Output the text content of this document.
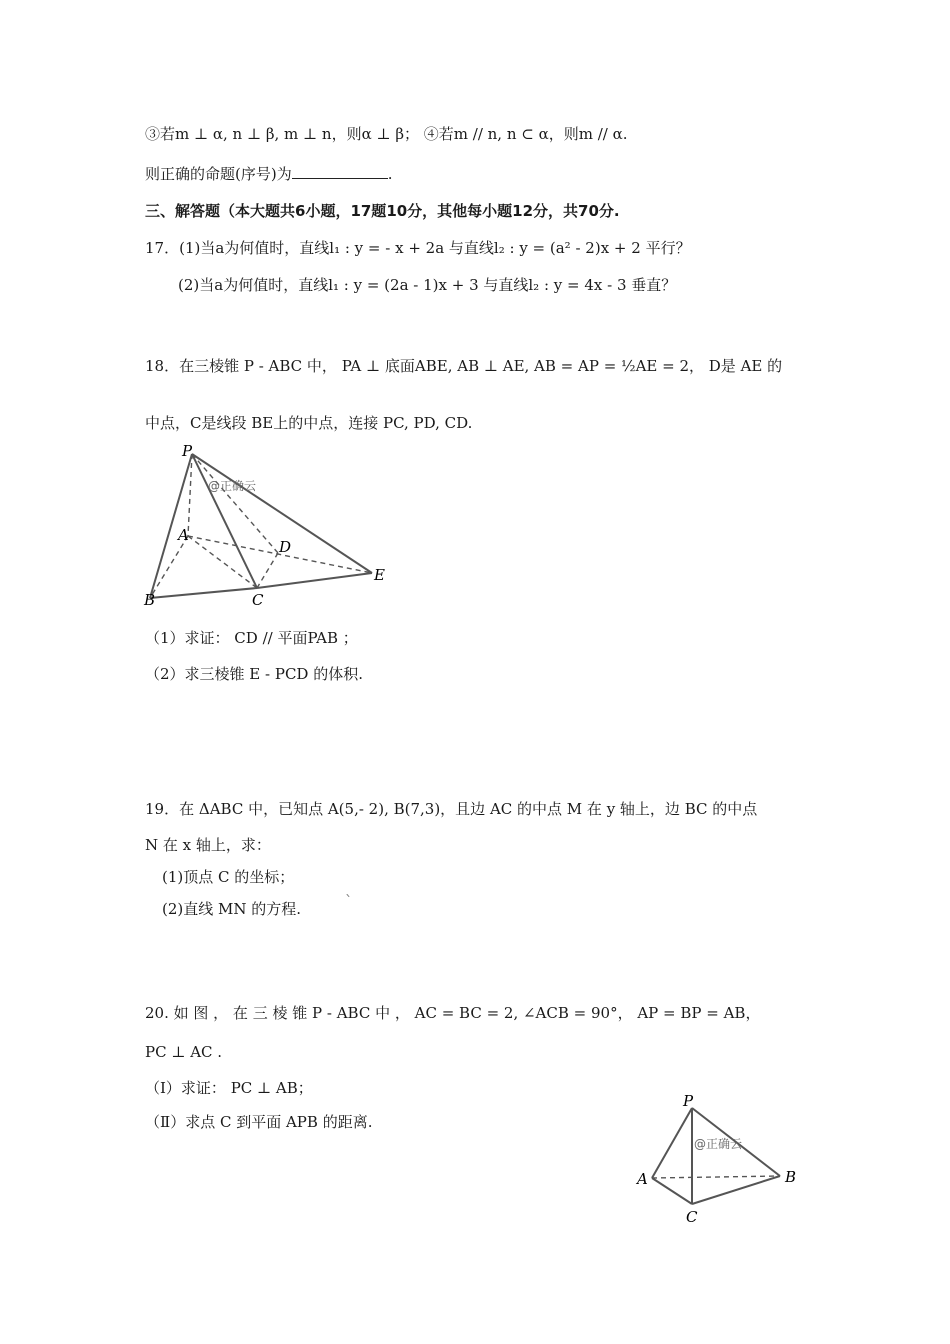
③若m ⊥ α, n ⊥ β, m ⊥ n，则α ⊥ β； ④若m // n, n ⊂ α，则m // α.
则正确的命题(序号)为	.
三、解答题（本大题共6小题，17题10分，其他每小题12分，共70分.
17．(1)当a为何值时，直线l₁ : y = - x + 2a 与直线l₂ : y = (a² - 2)x + 2 平行？
(2)当a为何值时，直线l₁ : y = (2a - 1)x + 3 与直线l₂ : y = 4x - 3 垂直？
18．在三棱锥 P - ABC 中， PA ⊥ 底面ABE, AB ⊥ AE, AB = AP = ½AE = 2， D是 AE 的
中点，C是线段 BE上的中点，连接 PC, PD, CD.
P
A
D
E
B	C
@正确云
（1）求证： CD // 平面PAB ；
（2）求三棱锥 E - PCD 的体积.
19．在 ΔABC 中，已知点 A(5,- 2), B(7,3)，且边 AC 的中点 M 在 y 轴上，边 BC 的中点
N 在 x 轴上，求：
(1)顶点 C 的坐标；
(2)直线 MN 的方程.	`
20. 如 图 ， 在 三 棱 锥 P - ABC 中 ， AC = BC = 2, ∠ACB = 90°， AP = BP = AB，
PC ⊥ AC .
（Ⅰ）求证： PC ⊥ AB；
（Ⅱ）求点 C 到平面 APB 的距离.
P
A	B
C
@正确云
